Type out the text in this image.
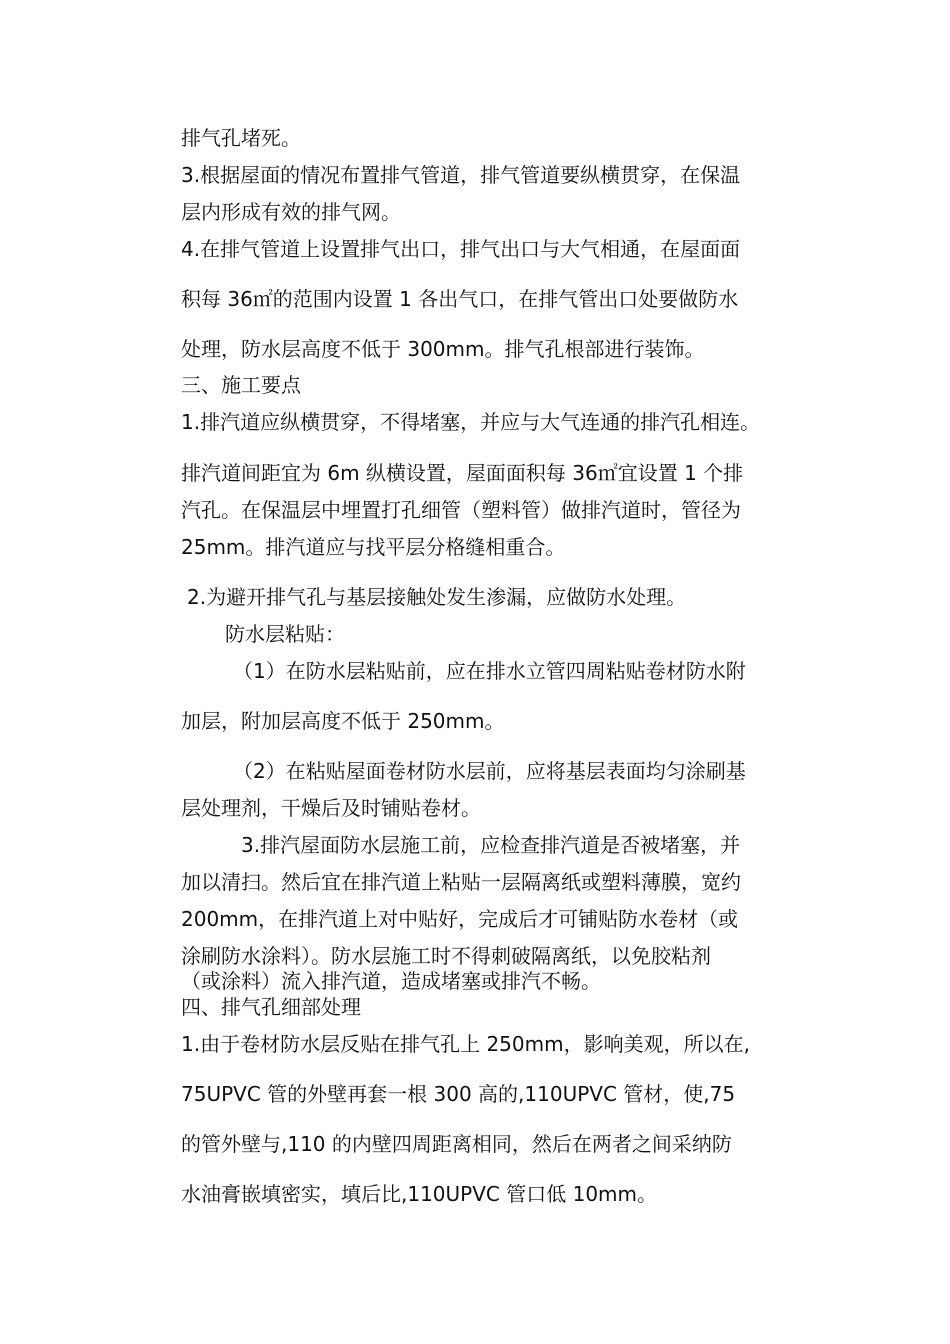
排气孔堵死。

3.根据屋面的情况布置排气管道，排气管道要纵横贯穿，在保温

层内形成有效的排气网。

4.在排气管道上设置排气出口，排气出口与大气相通，在屋面面

积每 36㎡的范围内设置 1 各出气口，在排气管出口处要做防水

处理，防水层高度不低于 300mm。排气孔根部进行装饰。

三、施工要点

1.排汽道应纵横贯穿，不得堵塞，并应与大气连通的排汽孔相连。

排汽道间距宜为 6m 纵横设置，屋面面积每 36㎡宜设置 1 个排

汽孔。在保温层中埋置打孔细管（塑料管）做排汽道时，管径为

25mm。排汽道应与找平层分格缝相重合。

2.为避开排气孔与基层接触处发生渗漏，应做防水处理。

防水层粘贴：

（1）在防水层粘贴前，应在排水立管四周粘贴卷材防水附

加层，附加层高度不低于 250mm。

（2）在粘贴屋面卷材防水层前，应将基层表面均匀涂刷基

层处理剂，干燥后及时铺贴卷材。

3.排汽屋面防水层施工前，应检查排汽道是否被堵塞，并

加以清扫。然后宜在排汽道上粘贴一层隔离纸或塑料薄膜，宽约

200mm，在排汽道上对中贴好，完成后才可铺贴防水卷材（或

涂刷防水涂料）。防水层施工时不得刺破隔离纸，以免胶粘剂

（或涂料）流入排汽道，造成堵塞或排汽不畅。

四、排气孔细部处理

1.由于卷材防水层反贴在排气孔上 250mm，影响美观，所以在,

75UPVC 管的外壁再套一根 300 高的,110UPVC 管材，使,75

的管外壁与,110 的内壁四周距离相同，然后在两者之间采纳防

水油膏嵌填密实，填后比,110UPVC 管口低 10mm。
